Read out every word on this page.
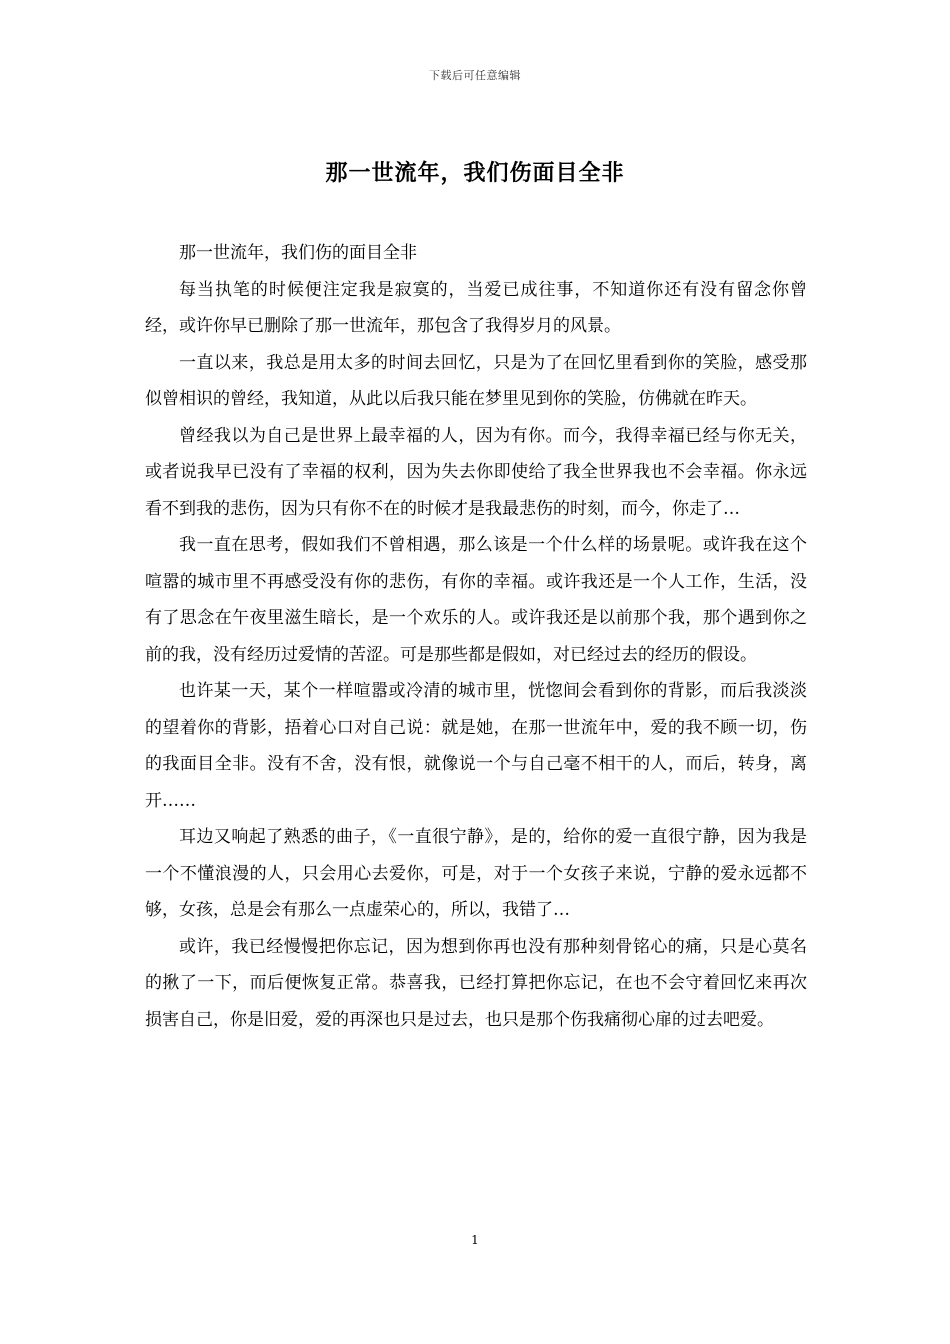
下载后可任意编辑
那一世流年，我们伤面目全非

那一世流年，我们伤的面目全非

每当执笔的时候便注定我是寂寞的，当爱已成往事，不知道你还有没有留念你曾经，或许你早已删除了那一世流年，那包含了我得岁月的风景。

一直以来，我总是用太多的时间去回忆，只是为了在回忆里看到你的笑脸，感受那似曾相识的曾经，我知道，从此以后我只能在梦里见到你的笑脸，仿佛就在昨天。

曾经我以为自己是世界上最幸福的人，因为有你。而今，我得幸福已经与你无关，或者说我早已没有了幸福的权利，因为失去你即使给了我全世界我也不会幸福。你永远看不到我的悲伤，因为只有你不在的时候才是我最悲伤的时刻，而今，你走了…

我一直在思考，假如我们不曾相遇，那么该是一个什么样的场景呢。或许我在这个喧嚣的城市里不再感受没有你的悲伤，有你的幸福。或许我还是一个人工作，生活，没有了思念在午夜里滋生暗长，是一个欢乐的人。或许我还是以前那个我，那个遇到你之前的我，没有经历过爱情的苦涩。可是那些都是假如，对已经过去的经历的假设。

也许某一天，某个一样喧嚣或冷清的城市里，恍惚间会看到你的背影，而后我淡淡的望着你的背影，捂着心口对自己说：就是她，在那一世流年中，爱的我不顾一切，伤的我面目全非。没有不舍，没有恨，就像说一个与自己毫不相干的人，而后，转身，离开……

耳边又响起了熟悉的曲子，《一直很宁静》，是的，给你的爱一直很宁静，因为我是一个不懂浪漫的人，只会用心去爱你，可是，对于一个女孩子来说，宁静的爱永远都不够，女孩，总是会有那么一点虚荣心的，所以，我错了…

或许，我已经慢慢把你忘记，因为想到你再也没有那种刻骨铭心的痛，只是心莫名的揪了一下，而后便恢复正常。恭喜我，已经打算把你忘记，在也不会守着回忆来再次损害自己，你是旧爱，爱的再深也只是过去，也只是那个伤我痛彻心扉的过去吧爱。

1
